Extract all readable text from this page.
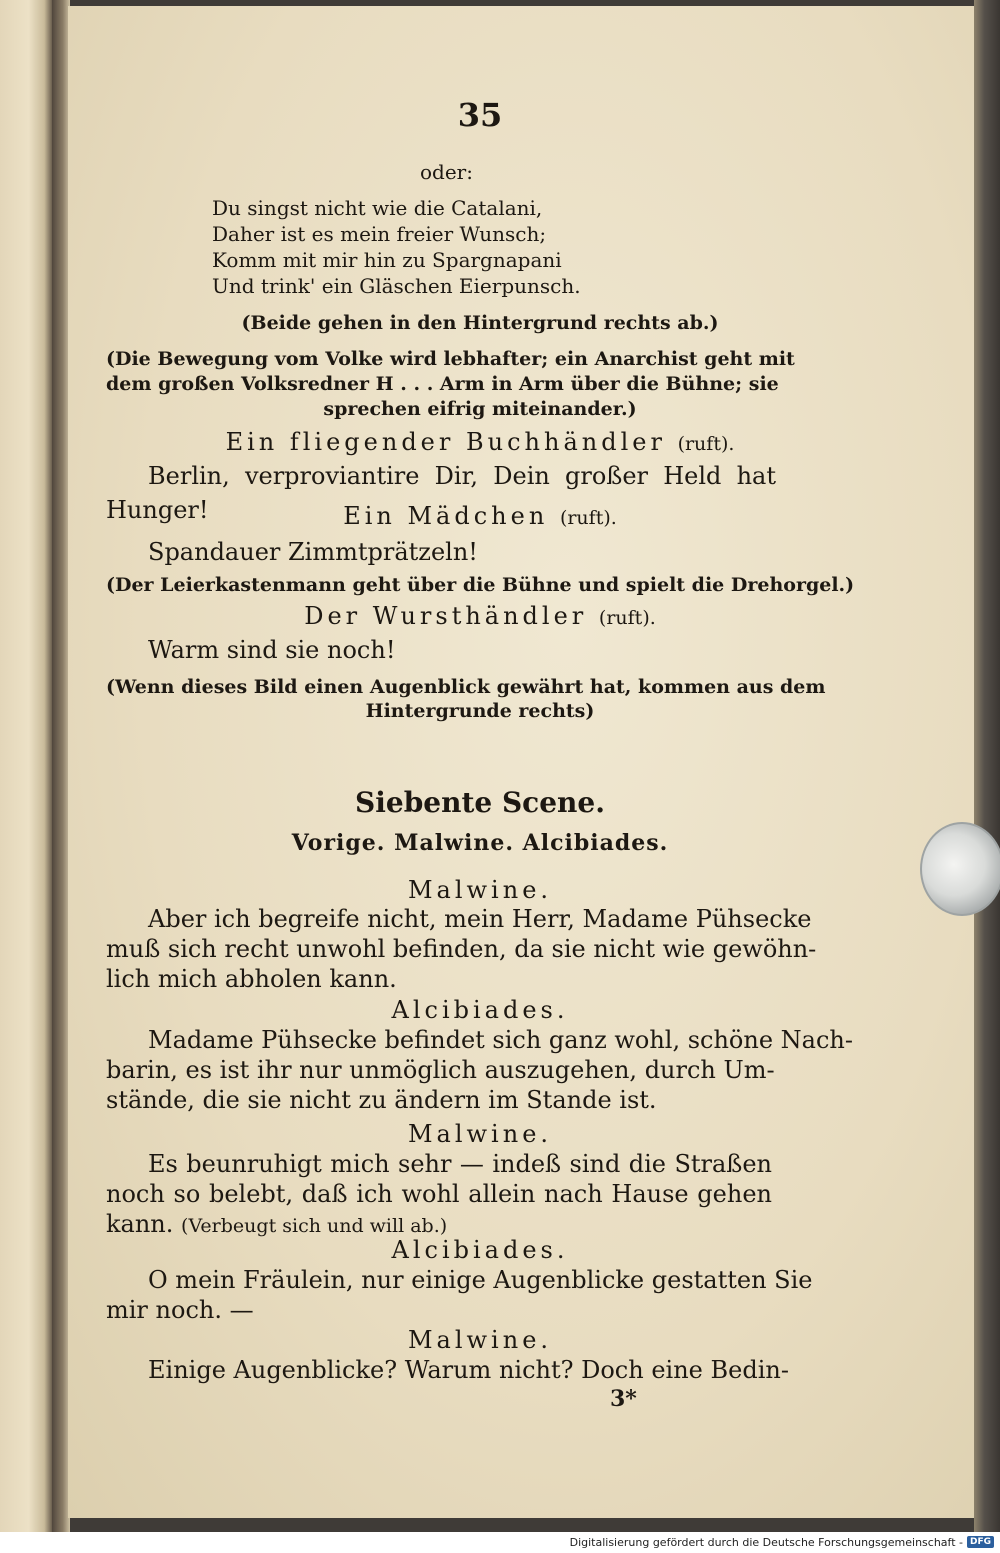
35
oder:
Du singst nicht wie die Catalani,
Daher ist es mein freier Wunsch;
Komm mit mir hin zu Spargnapani
Und trink' ein Gläschen Eierpunsch.
(Beide gehen in den Hintergrund rechts ab.)
(Die Bewegung vom Volke wird lebhafter; ein Anarchist geht mit
dem großen Volksredner H . . . Arm in Arm über die Bühne; sie
sprechen eifrig miteinander.)
Ein fliegender Buchhändler (ruft).
Berlin, verproviantire Dir, Dein großer Held hat
Hunger!	Ein Mädchen (ruft).
Spandauer Zimmtprätzeln!
(Der Leierkastenmann geht über die Bühne und spielt die Drehorgel.)
Der Wursthändler (ruft).
Warm sind sie noch!
(Wenn dieses Bild einen Augenblick gewährt hat, kommen aus dem
Hintergrunde rechts)
Siebente Scene.
Vorige. Malwine. Alcibiades.
Malwine.
Aber ich begreife nicht, mein Herr, Madame Pühsecke
muß sich recht unwohl befinden, da sie nicht wie gewöhn-
lich mich abholen kann.
Alcibiades.
Madame Pühsecke befindet sich ganz wohl, schöne Nach-
barin, es ist ihr nur unmöglich auszugehen, durch Um-
stände, die sie nicht zu ändern im Stande ist.
Malwine.
Es beunruhigt mich sehr — indeß sind die Straßen
noch so belebt, daß ich wohl allein nach Hause gehen
kann. (Verbeugt sich und will ab.)
Alcibiades.
O mein Fräulein, nur einige Augenblicke gestatten Sie
mir noch. —
Malwine.
Einige Augenblicke? Warum nicht? Doch eine Bedin-
3*
Digitalisierung gefördert durch die Deutsche Forschungsgemeinschaft - DFG
